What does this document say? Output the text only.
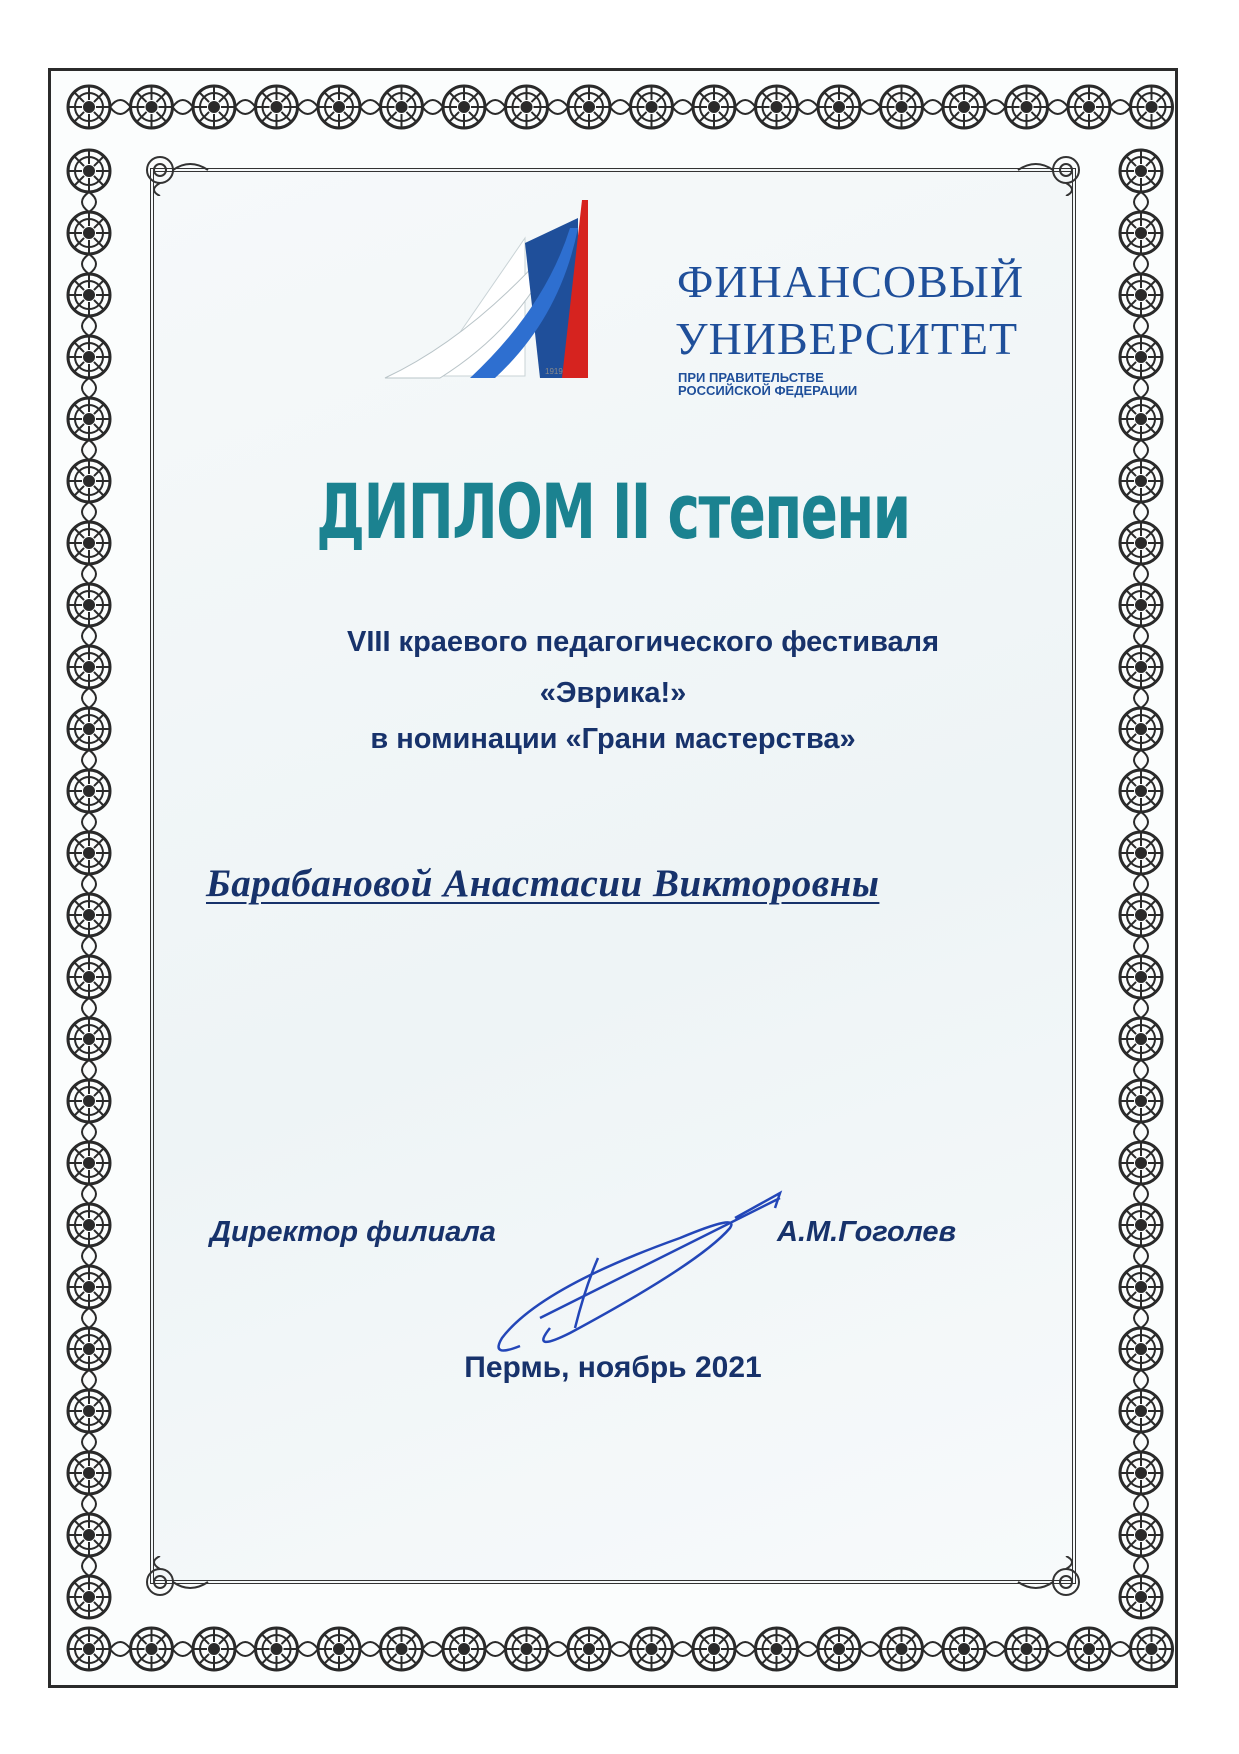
1919
ФИНАНСОВЫЙ
УНИВЕРСИТЕТ
ПРИ ПРАВИТЕЛЬСТВЕ РОССИЙСКОЙ ФЕДЕРАЦИИ
ДИПЛОМ II степени
VIII краевого педагогического фестиваля
«Эврика!»
в номинации «Грани мастерства»
Барабановой Анастасии Викторовны
Директор филиала	А.М.Гоголев
Пермь, ноябрь 2021
